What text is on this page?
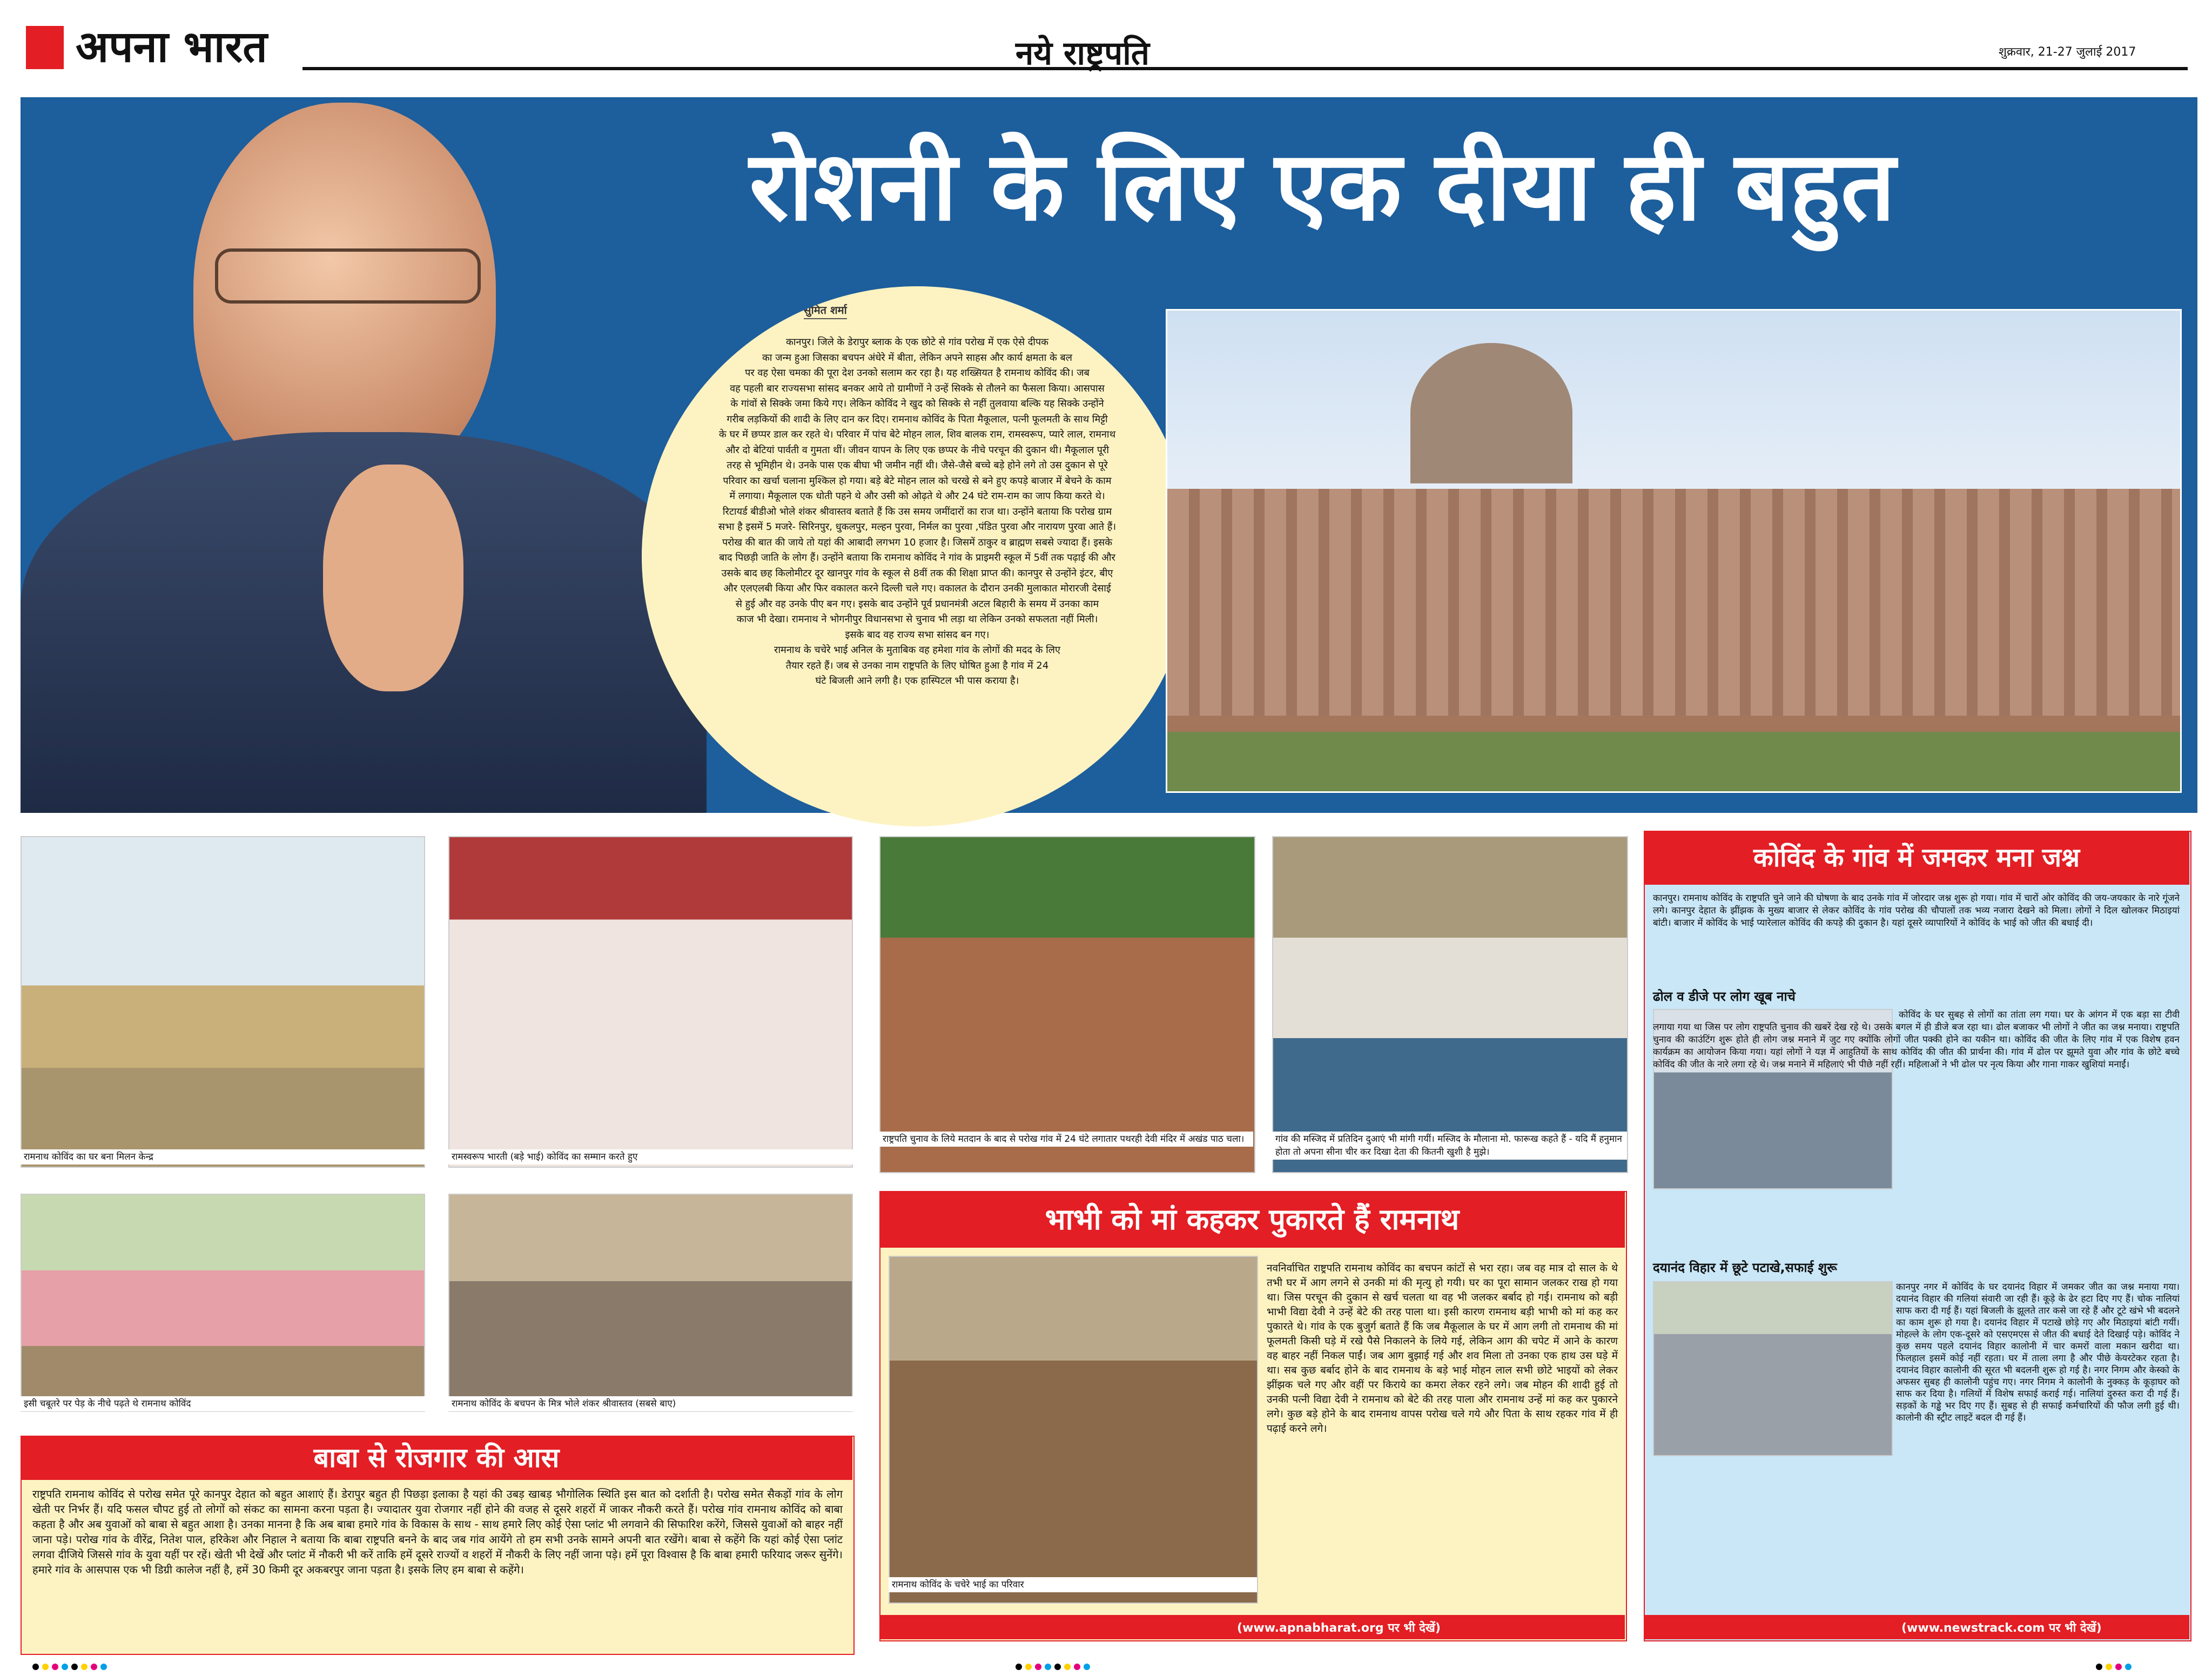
अपना भारत	नये राष्ट्रपति	शुक्रवार, 21-27 जुलाई 2017
रोशनी के लिए एक दीया ही बहुत
सुमित शर्मा
कानपुर। जिले के डेरापुर ब्लाक के एक छोटे से गांव परोख में एक ऐसे दीपक
का जन्म हुआ जिसका बचपन अंधेरे में बीता, लेकिन अपने साहस और कार्य क्षमता के बल
पर वह ऐसा चमका की पूरा देश उनको सलाम कर रहा है। यह शख्सियत है रामनाथ कोविंद की। जब
वह पहली बार राज्यसभा सांसद बनकर आये तो ग्रामीणों ने उन्हें सिक्के से तौलने का फैसला किया। आसपास
के गांवों से सिक्के जमा किये गए। लेकिन कोविंद ने खुद को सिक्के से नहीं तुलवाया बल्कि यह सिक्के उन्होंने
गरीब लड़कियों की शादी के लिए दान कर दिए। रामनाथ कोविंद के पिता मैकूलाल, पत्नी फूलमती के साथ मिट्टी
के घर में छप्पर डाल कर रहते थे। परिवार में पांच बेटे मोहन लाल, शिव बालक राम, रामस्वरूप, प्यारे लाल, रामनाथ
और दो बेटियां पार्वती व गुमता थीं। जीवन यापन के लिए एक छप्पर के नीचे परचून की दुकान थी। मैकूलाल पूरी
तरह से भूमिहीन थे। उनके पास एक बीघा भी जमीन नहीं थी। जैसे-जैसे बच्चे बड़े होने लगे तो उस दुकान से पूरे
परिवार का खर्चा चलाना मुश्किल हो गया। बड़े बेटे मोहन लाल को चरखे से बने हुए कपड़े बाजार में बेचने के काम
में लगाया। मैकूलाल एक धोती पहने थे और उसी को ओढ़ते थे और 24 घंटे राम-राम का जाप किया करते थे।
रिटायर्ड बीडीओ भोले शंकर श्रीवास्तव बताते हैं कि उस समय जमींदारों का राज था। उन्होंने बताया कि परोख ग्राम
सभा है इसमें 5 मजरे- सिरिनपुर, धुकलपुर, मल्हन पुरवा, निर्मल का पुरवा ,पंडित पुरवा और नारायण पुरवा आते हैं।
परोख की बात की जाये तो यहां की आबादी लगभग 10 हजार है। जिसमें ठाकुर व ब्राह्मण सबसे ज्यादा हैं। इसके
बाद पिछड़ी जाति के लोग हैं। उन्होंने बताया कि रामनाथ कोविंद ने गांव के प्राइमरी स्कूल में 5वीं तक पढ़ाई की और
उसके बाद छह किलोमीटर दूर खानपुर गांव के स्कूल से 8वीं तक की शिक्षा प्राप्त की। कानपुर से उन्होंने इंटर, बीए
और एलएलबी किया और फिर वकालत करने दिल्ली चले गए। वकालत के दौरान उनकी मुलाकात मोरारजी देसाई
से हुई और वह उनके पीए बन गए। इसके बाद उन्होंने पूर्व प्रधानमंत्री अटल बिहारी के समय में उनका काम
काज भी देखा। रामनाथ ने भोगनीपुर विधानसभा से चुनाव भी लड़ा था लेकिन उनको सफलता नहीं मिली।
इसके बाद वह राज्य सभा सांसद बन गए।
रामनाथ के चचेरे भाई अनिल के मुताबिक वह हमेशा गांव के लोगों की मदद के लिए
तैयार रहते हैं। जब से उनका नाम राष्ट्रपति के लिए घोषित हुआ है गांव में 24
घंटे बिजली आने लगी है। एक हास्पिटल भी पास कराया है।
रामनाथ कोविंद का घर बना मिलन केन्द्र	रामस्वरूप भारती (बड़े भाई) कोविंद का सम्मान करते हुए
राष्ट्रपति चुनाव के लिये मतदान के बाद से परोख गांव में 24 घंटे लगातार पथरही देवी मंदिर में अखंड पाठ चला।	गांव की मस्जिद में प्रतिदिन दुआएं भी मांगी गयीं। मस्जिद के मौलाना मो. फारूख कहते हैं - यदि मैं हनुमान होता तो अपना सीना चीर कर दिखा देता की कितनी खुशी है मुझे।
इसी चबूतरे पर पेड़ के नीचे पढ़ते थे रामनाथ कोविंद	रामनाथ कोविंद के बचपन के मित्र भोले शंकर श्रीवास्तव (सबसे बाए)
बाबा से रोजगार की आस
राष्ट्रपति रामनाथ कोविंद से परोख समेत पूरे कानपुर देहात को बहुत आशाएं हैं। डेरापुर बहुत ही पिछड़ा इलाका है यहां की उबड़ खाबड़ भौगोलिक स्थिति इस बात को दर्शाती है। परोख समेत सैकड़ों गांव के लोग खेती पर निर्भर हैं। यदि फसल चौपट हुई तो लोगों को संकट का सामना करना पड़ता है। ज्यादातर युवा रोजगार नहीं होने की वजह से दूसरे शहरों में जाकर नौकरी करते हैं। परोख गांव रामनाथ कोविंद को बाबा कहता है और अब युवाओं को बाबा से बहुत आशा है। उनका मानना है कि अब बाबा हमारे गांव के विकास के साथ - साथ हमारे लिए कोई ऐसा प्लांट भी लगवाने की सिफारिश करेंगे, जिससे युवाओं को बाहर नहीं जाना पड़े। परोख गांव के वीरेंद्र, नितेश पाल, हरिकेश और निहाल ने बताया कि बाबा राष्ट्रपति बनने के बाद जब गांव आयेंगे तो हम सभी उनके सामने अपनी बात रखेंगे। बाबा से कहेंगे कि यहां कोई ऐसा प्लांट लगवा दीजिये जिससे गांव के युवा यहीं पर रहें। खेती भी देखें और प्लांट में नौकरी भी करें ताकि हमें दूसरे राज्यों व शहरों में नौकरी के लिए नहीं जाना पड़े। हमें पूरा विश्वास है कि बाबा हमारी फरियाद जरूर सुनेंगे। हमारे गांव के आसपास एक भी डिग्री कालेज नहीं है, हमें 30 किमी दूर अकबरपुर जाना पड़ता है। इसके लिए हम बाबा से कहेंगे।
भाभी को मां कहकर पुकारते हैं रामनाथ
रामनाथ कोविंद के चचेरे भाई का परिवार
नवनिर्वाचित राष्ट्रपति रामनाथ कोविंद का बचपन कांटों से भरा रहा। जब वह मात्र दो साल के थे तभी घर में आग लगने से उनकी मां की मृत्यु हो गयी। घर का पूरा सामान जलकर राख हो गया था। जिस परचून की दुकान से खर्च चलता था वह भी जलकर बर्बाद हो गई। रामनाथ को बड़ी भाभी विद्या देवी ने उन्हें बेटे की तरह पाला था। इसी कारण रामनाथ बड़ी भाभी को मां कह कर पुकारते थे। गांव के एक बुजुर्ग बताते हैं कि जब मैकूलाल के घर में आग लगी तो रामनाथ की मां फूलमती किसी घड़े में रखे पैसे निकालने के लिये गई, लेकिन आग की चपेट में आने के कारण वह बाहर नहीं निकल पाईं। जब आग बुझाई गई और शव मिला तो उनका एक हाथ उस घड़े में था। सब कुछ बर्बाद होने के बाद रामनाथ के बड़े भाई मोहन लाल सभी छोटे भाइयों को लेकर झींझक चले गए और वहीं पर किराये का कमरा लेकर रहने लगे। जब मोहन की शादी हुई तो उनकी पत्नी विद्या देवी ने रामनाथ को बेटे की तरह पाला और रामनाथ उन्हें मां कह कर पुकारने लगे। कुछ बड़े होने के बाद रामनाथ वापस परोख चले गये और पिता के साथ रहकर गांव में ही पढ़ाई करने लगे।
(www.apnabharat.org पर भी देखें)
कोविंद के गांव में जमकर मना जश्न
कानपुर। रामनाथ कोविंद के राष्ट्रपति चुने जाने की घोषणा के बाद उनके गांव में जोरदार जश्न शुरू हो गया। गांव में चारों ओर कोविंद की जय-जयकार के नारे गूंजने लगे। कानपुर देहात के झींझक के मुख्य बाजार से लेकर कोविंद के गांव परोख की चौपालों तक भव्य नजारा देखने को मिला। लोगों ने दिल खोलकर मिठाइयां बांटी। बाजार में कोविंद के भाई प्यारेलाल कोविंद की कपड़े की दुकान है। यहां दूसरे व्यापारियों ने कोविंद के भाई को जीत की बधाई दी।
ढोल व डीजे पर लोग खूब नाचे
कोविंद के घर सुबह से लोगों का तांता लग गया। घर के आंगन में एक बड़ा सा टीवी लगाया गया था जिस पर लोग राष्ट्रपति चुनाव की खबरें देख रहे थे। उसके बगल में ही डीजे बज रहा था। ढोल बजाकर भी लोगों ने जीत का जश्न मनाया। राष्ट्रपति चुनाव की काउंटिंग शुरू होते ही लोग जश्न मनाने में जुट गए क्योंकि लोगों जीत पक्की होने का यकीन था। कोविंद की जीत के लिए गांव में एक विशेष हवन कार्यक्रम का आयोजन किया गया। यहां लोगों ने यज्ञ में आहुतियों के साथ कोविंद की जीत की प्रार्थना की। गांव में ढोल पर झूमते युवा और गांव के छोटे बच्चे कोविंद की जीत के नारे लगा रहे थे। जश्न मनाने में महिलाएं भी पीछे नहीं रहीं। महिलाओं ने भी ढोल पर नृत्य किया और गाना गाकर खुशियां मनाईं।
दयानंद विहार में छूटे पटाखे,सफाई शुरू
कानपुर नगर में कोविंद के घर दयानंद विहार में जमकर जीत का जश्न मनाया गया। दयानंद विहार की गलियां संवारी जा रही हैं। कूड़े के ढेर हटा दिए गए हैं। चोक नालियां साफ करा दी गई हैं। यहां बिजली के झूलते तार कसे जा रहे हैं और टूटे खंभे भी बदलने का काम शुरू हो गया है। दयानंद विहार में पटाखे छोड़े गए और मिठाइयां बांटी गयीं। मोहल्ले के लोग एक-दूसरे को एसएमएस से जीत की बधाई देते दिखाई पड़े। कोविंद ने कुछ समय पहले दयानंद विहार कालोनी में चार कमरों वाला मकान खरीदा था। फिलहाल इसमें कोई नहीं रहता। घर में ताला लगा है और पीछे केयरटेकर रहता है। दयानंद विहार कालोनी की सूरत भी बदलनी शुरू हो गई है। नगर निगम और केस्को के अफसर सुबह ही कालोनी पहुंच गए। नगर निगम ने कालोनी के नुक्कड़ के कूड़ाघर को साफ कर दिया है। गलियों में विशेष सफाई कराई गई। नालियां दुरुस्त करा दी गई हैं। सड़कों के गड्ढे भर दिए गए हैं। सुबह से ही सफाई कर्मचारियों की फौज लगी हुई थी। कालोनी की स्ट्रीट लाइटें बदल दी गई हैं।
(www.newstrack.com पर भी देखें)
